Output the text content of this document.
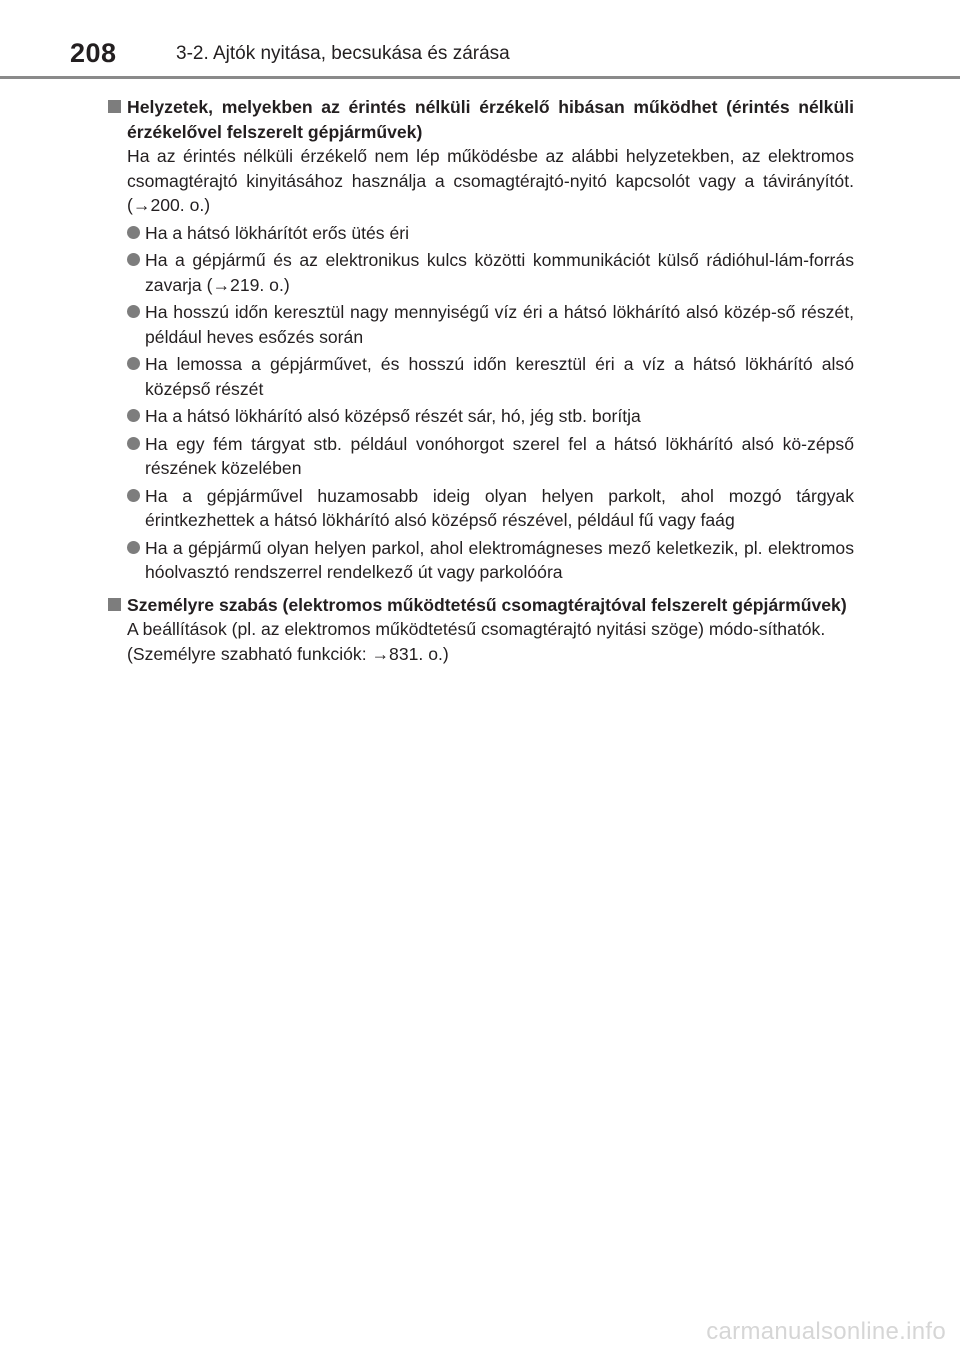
208	3-2. Ajtók nyitása, becsukása és zárása
Helyzetek, melyekben az érintés nélküli érzékelő hibásan működhet (érintés nélküli érzékelővel felszerelt gépjárművek)
Ha az érintés nélküli érzékelő nem lép működésbe az alábbi helyzetekben, az elektromos csomagtérajtó kinyitásához használja a csomagtérajtó-nyitó kapcsolót vagy a távirányítót. (→200. o.)
Ha a hátsó lökhárítót erős ütés éri
Ha a gépjármű és az elektronikus kulcs közötti kommunikációt külső rádióhul-lám-forrás zavarja (→219. o.)
Ha hosszú időn keresztül nagy mennyiségű víz éri a hátsó lökhárító alsó közép-ső részét, például heves esőzés során
Ha lemossa a gépjárművet, és hosszú időn keresztül éri a víz a hátsó lökhárító alsó középső részét
Ha a hátsó lökhárító alsó középső részét sár, hó, jég stb. borítja
Ha egy fém tárgyat stb. például vonóhorgot szerel fel a hátsó lökhárító alsó kö-zépső részének közelében
Ha a gépjárművel huzamosabb ideig olyan helyen parkolt, ahol mozgó tárgyak érintkezhettek a hátsó lökhárító alsó középső részével, például fű vagy faág
Ha a gépjármű olyan helyen parkol, ahol elektromágneses mező keletkezik, pl. elektromos hóolvasztó rendszerrel rendelkező út vagy parkolóóra
Személyre szabás (elektromos működtetésű csomagtérajtóval felszerelt gépjárművek)
A beállítások (pl. az elektromos működtetésű csomagtérajtó nyitási szöge) módo-síthatók.
(Személyre szabható funkciók: →831. o.)
carmanualsonline.info
